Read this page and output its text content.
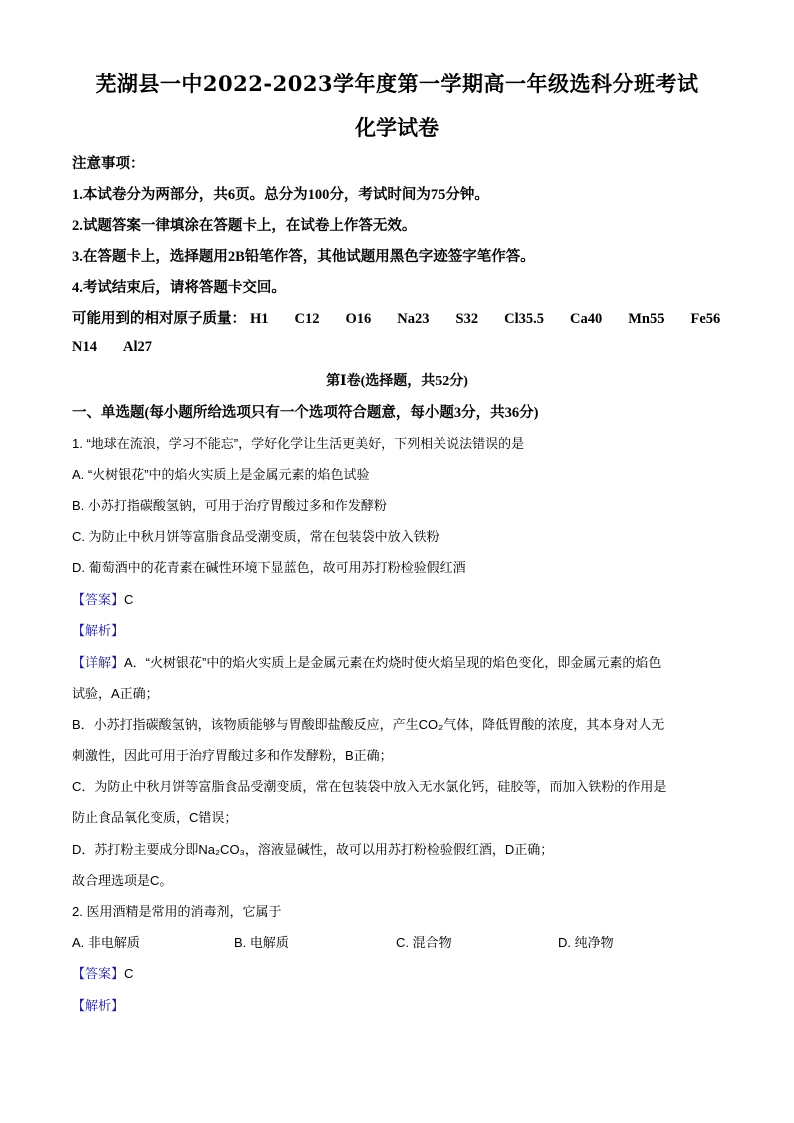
芜湖县一中2022-2023学年度第一学期高一年级选科分班考试
化学试卷
注意事项：
1.本试卷分为两部分，共6页。总分为100分，考试时间为75分钟。
2.试题答案一律填涂在答题卡上，在试卷上作答无效。
3.在答题卡上，选择题用2B铅笔作答，其他试题用黑色字迹签字笔作答。
4.考试结束后，请将答题卡交回。
可能用到的相对原子质量： H1 C12 O16 Na23 S32 Cl35.5 Ca40 Mn55 Fe56
N14 Al27
第Ⅰ卷(选择题，共52分)
一、单选题(每小题所给选项只有一个选项符合题意，每小题3分，共36分)
1. “地球在流浪，学习不能忘”，学好化学让生活更美好，下列相关说法错误的是
A. “火树银花”中的焰火实质上是金属元素的焰色试验
B. 小苏打指碳酸氢钠，可用于治疗胃酸过多和作发酵粉
C. 为防止中秋月饼等富脂食品受潮变质，常在包装袋中放入铁粉
D. 葡萄酒中的花青素在碱性环境下显蓝色，故可用苏打粉检验假红酒
【答案】C
【解析】
【详解】A．“火树银花”中的焰火实质上是金属元素在灼烧时使火焰呈现的焰色变化，即金属元素的焰色
试验，A正确；
B．小苏打指碳酸氢钠，该物质能够与胃酸即盐酸反应，产生CO₂气体，降低胃酸的浓度，其本身对人无
刺激性，因此可用于治疗胃酸过多和作发酵粉，B正确；
C．为防止中秋月饼等富脂食品受潮变质，常在包装袋中放入无水氯化钙，硅胶等，而加入铁粉的作用是
防止食品氧化变质，C错误；
D．苏打粉主要成分即Na₂CO₃，溶液显碱性，故可以用苏打粉检验假红酒，D正确；
故合理选项是C。
2. 医用酒精是常用的消毒剂，它属于
A. 非电解质	B. 电解质	C. 混合物	D. 纯净物
【答案】C
【解析】
